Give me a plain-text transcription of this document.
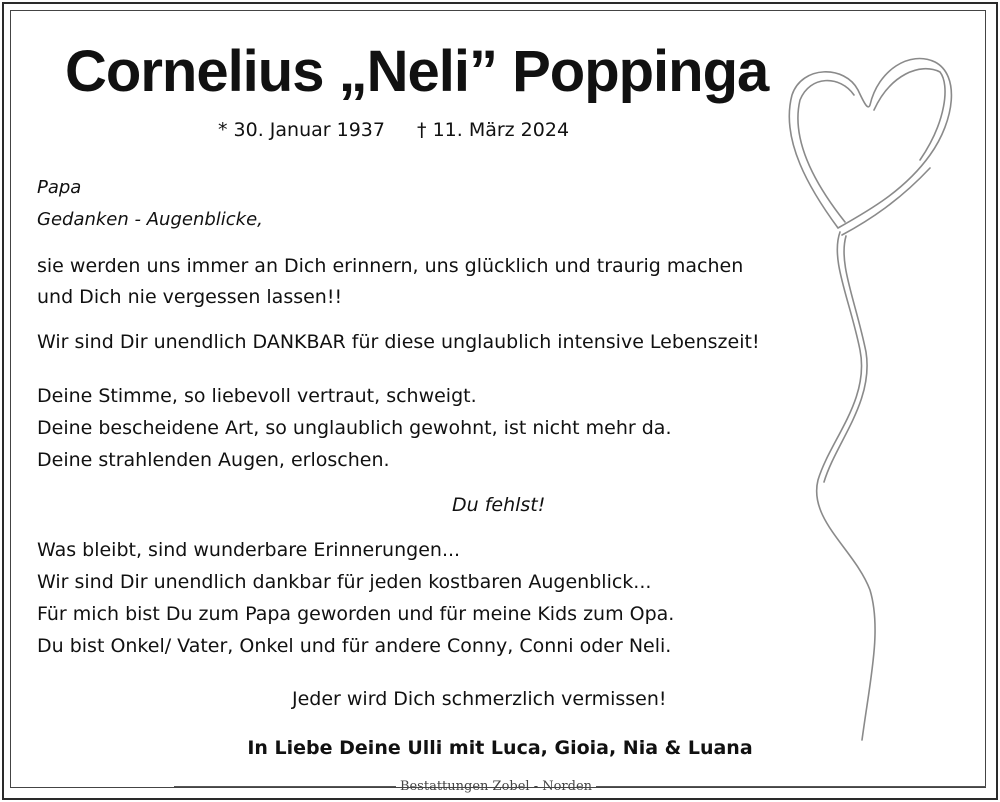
Cornelius „Neli” Poppinga
* 30. Januar 1937 † 11. März 2024
Papa
Gedanken - Augenblicke,
sie werden uns immer an Dich erinnern, uns glücklich und traurig machen
und Dich nie vergessen lassen!!
Wir sind Dir unendlich DANKBAR für diese unglaublich intensive Lebenszeit!
Deine Stimme, so liebevoll vertraut, schweigt.
Deine bescheidene Art, so unglaublich gewohnt, ist nicht mehr da.
Deine strahlenden Augen, erloschen.
Du fehlst!
Was bleibt, sind wunderbare Erinnerungen...
Wir sind Dir unendlich dankbar für jeden kostbaren Augenblick...
Für mich bist Du zum Papa geworden und für meine Kids zum Opa.
Du bist Onkel/ Vater, Onkel und für andere Conny, Conni oder Neli.
Jeder wird Dich schmerzlich vermissen!
In Liebe Deine Ulli mit Luca, Gioia, Nia & Luana
Bestattungen Zobel - Norden
